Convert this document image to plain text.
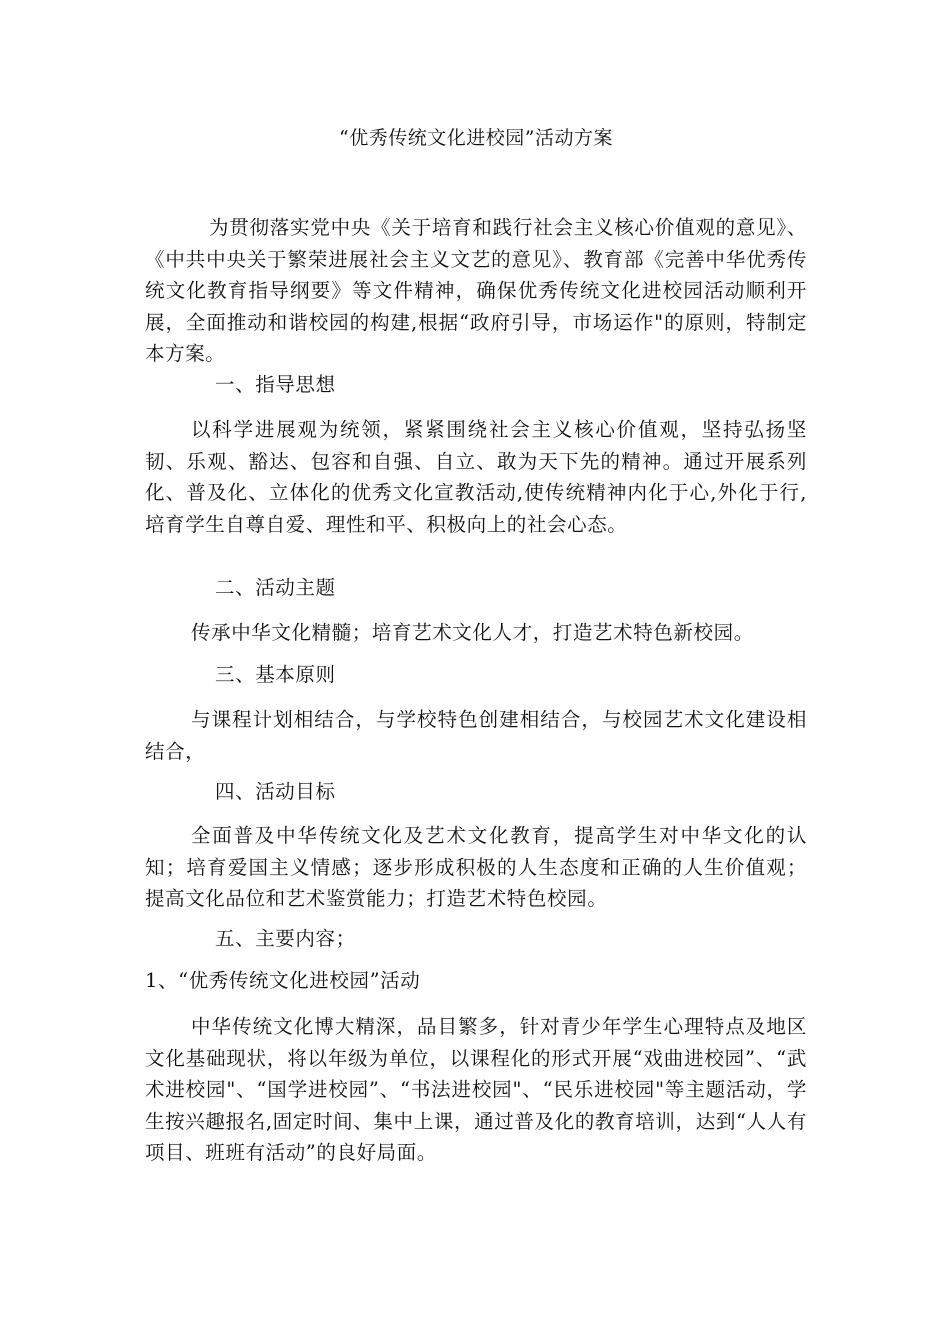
“优秀传统文化进校园”活动方案
为贯彻落实党中央《关于培育和践行社会主义核心价值观的意见》、《中共中央关于繁荣进展社会主义文艺的意见》、教育部《完善中华优秀传统文化教育指导纲要》等文件精神，确保优秀传统文化进校园活动顺利开展，全面推动和谐校园的构建,根据“政府引导，市场运作"的原则，特制定本方案。
一、指导思想
以科学进展观为统领，紧紧围绕社会主义核心价值观，坚持弘扬坚韧、乐观、豁达、包容和自强、自立、敢为天下先的精神。通过开展系列化、普及化、立体化的优秀文化宣教活动,使传统精神内化于心,外化于行,培育学生自尊自爱、理性和平、积极向上的社会心态。
二、活动主题
传承中华文化精髓；培育艺术文化人才，打造艺术特色新校园。
三、基本原则
与课程计划相结合，与学校特色创建相结合，与校园艺术文化建设相结合，
四、活动目标
全面普及中华传统文化及艺术文化教育，提高学生对中华文化的认知；培育爱国主义情感；逐步形成积极的人生态度和正确的人生价值观；提高文化品位和艺术鉴赏能力；打造艺术特色校园。
五、主要内容；
1、“优秀传统文化进校园”活动
中华传统文化博大精深，品目繁多，针对青少年学生心理特点及地区文化基础现状，将以年级为单位，以课程化的形式开展“戏曲进校园”、“武术进校园"、“国学进校园”、“书法进校园"、“民乐进校园"等主题活动，学生按兴趣报名,固定时间、集中上课，通过普及化的教育培训，达到“人人有项目、班班有活动”的良好局面。
